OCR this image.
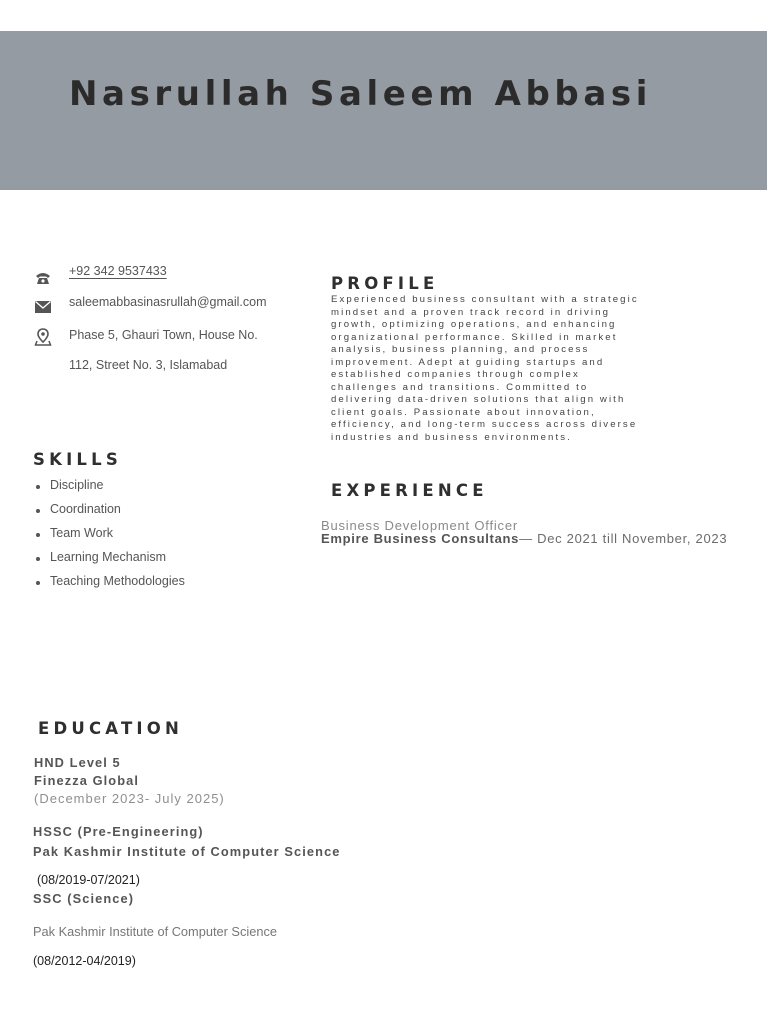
Nasrullah Saleem Abbasi
+92 342 9537433
saleemabbasinasrullah@gmail.com
Phase 5, Ghauri Town, House No.
112, Street No. 3, Islamabad
SKILLS
Discipline
Coordination
Team Work
Learning Mechanism
Teaching Methodologies
PROFILE

Experienced business consultant with a strategic mindset and a proven track record in driving growth, optimizing operations, and enhancing organizational performance. Skilled in market analysis, business planning, and process improvement. Adept at guiding startups and established companies through complex challenges and transitions. Committed to delivering data-driven solutions that align with client goals. Passionate about innovation, efficiency, and long-term success across diverse industries and business environments.

EXPERIENCE
Business Development Officer
Empire Business Consultans— Dec 2021 till November, 2023
EDUCATION
HND Level 5
Finezza Global
(December 2023- July 2025)
HSSC (Pre-Engineering)
Pak Kashmir Institute of Computer Science
(08/2019-07/2021)
SSC (Science)
Pak Kashmir Institute of Computer Science
(08/2012-04/2019)
